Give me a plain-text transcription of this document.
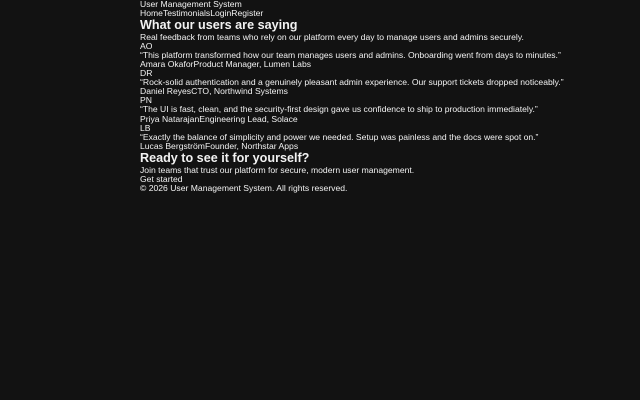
User Management System
HomeTestimonialsLoginRegister
What our users are saying

Real feedback from teams who rely on our platform every day to manage users and admins securely.

AO

“This platform transformed how our team manages users and admins. Onboarding went from days to minutes.”

Amara OkaforProduct Manager, Lumen Labs
DR

“Rock-solid authentication and a genuinely pleasant admin experience. Our support tickets dropped noticeably.”

Daniel ReyesCTO, Northwind Systems
PN

“The UI is fast, clean, and the security-first design gave us confidence to ship to production immediately.”

Priya NatarajanEngineering Lead, Solace
LB

“Exactly the balance of simplicity and power we needed. Setup was painless and the docs were spot on.”

Lucas BergströmFounder, Northstar Apps
Ready to see it for yourself?

Join teams that trust our platform for secure, modern user management.

Get started
© 2026 User Management System. All rights reserved.
